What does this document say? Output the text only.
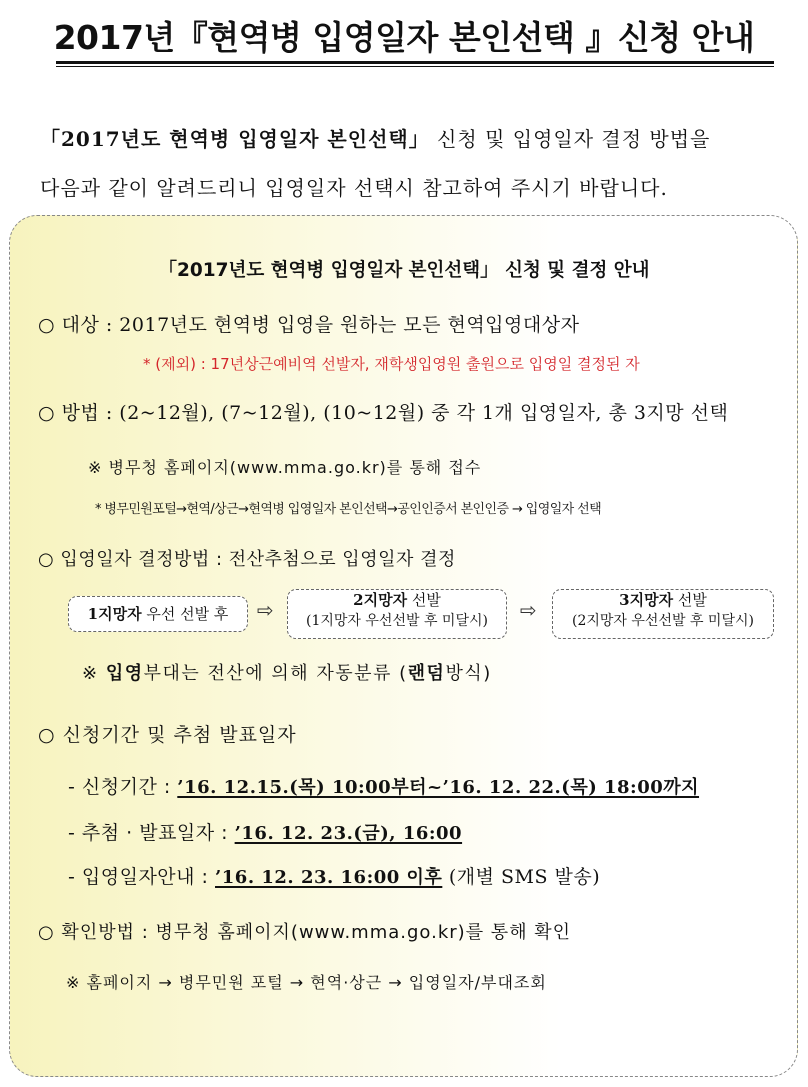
2017년『현역병 입영일자 본인선택 』신청 안내
「2017년도 현역병 입영일자 본인선택」 신청 및 입영일자 결정 방법을
다음과 같이 알려드리니 입영일자 선택시 참고하여 주시기 바랍니다.
「2017년도 현역병 입영일자 본인선택」 신청 및 결정 안내
○ 대상 : 2017년도 현역병 입영을 원하는 모든 현역입영대상자
* (제외) : 17년상근예비역 선발자, 재학생입영원 출원으로 입영일 결정된 자
○ 방법 : (2~12월), (7~12월), (10~12월) 중 각 1개 입영일자, 총 3지망 선택
※ 병무청 홈페이지(www.mma.go.kr)를 통해 접수
* 병무민원포털→현역/상근→현역병 입영일자 본인선택→공인인증서 본인인증 → 입영일자 선택
○ 입영일자 결정방법 : 전산추첨으로 입영일자 결정
1지망자 우선 선발 후	⇨	2지망자 선발
(1지망자 우선선발 후 미달시)	⇨	3지망자 선발
(2지망자 우선선발 후 미달시)
※ 입영부대는 전산에 의해 자동분류 (랜덤방식)
○ 신청기간 및 추첨 발표일자
- 신청기간 : ’16. 12.15.(목) 10:00부터~’16. 12. 22.(목) 18:00까지
- 추첨 · 발표일자 : ’16. 12. 23.(금), 16:00
- 입영일자안내 : ’16. 12. 23. 16:00 이후 (개별 SMS 발송)
○ 확인방법 : 병무청 홈페이지(www.mma.go.kr)를 통해 확인
※ 홈페이지 → 병무민원 포털 → 현역·상근 → 입영일자/부대조회
